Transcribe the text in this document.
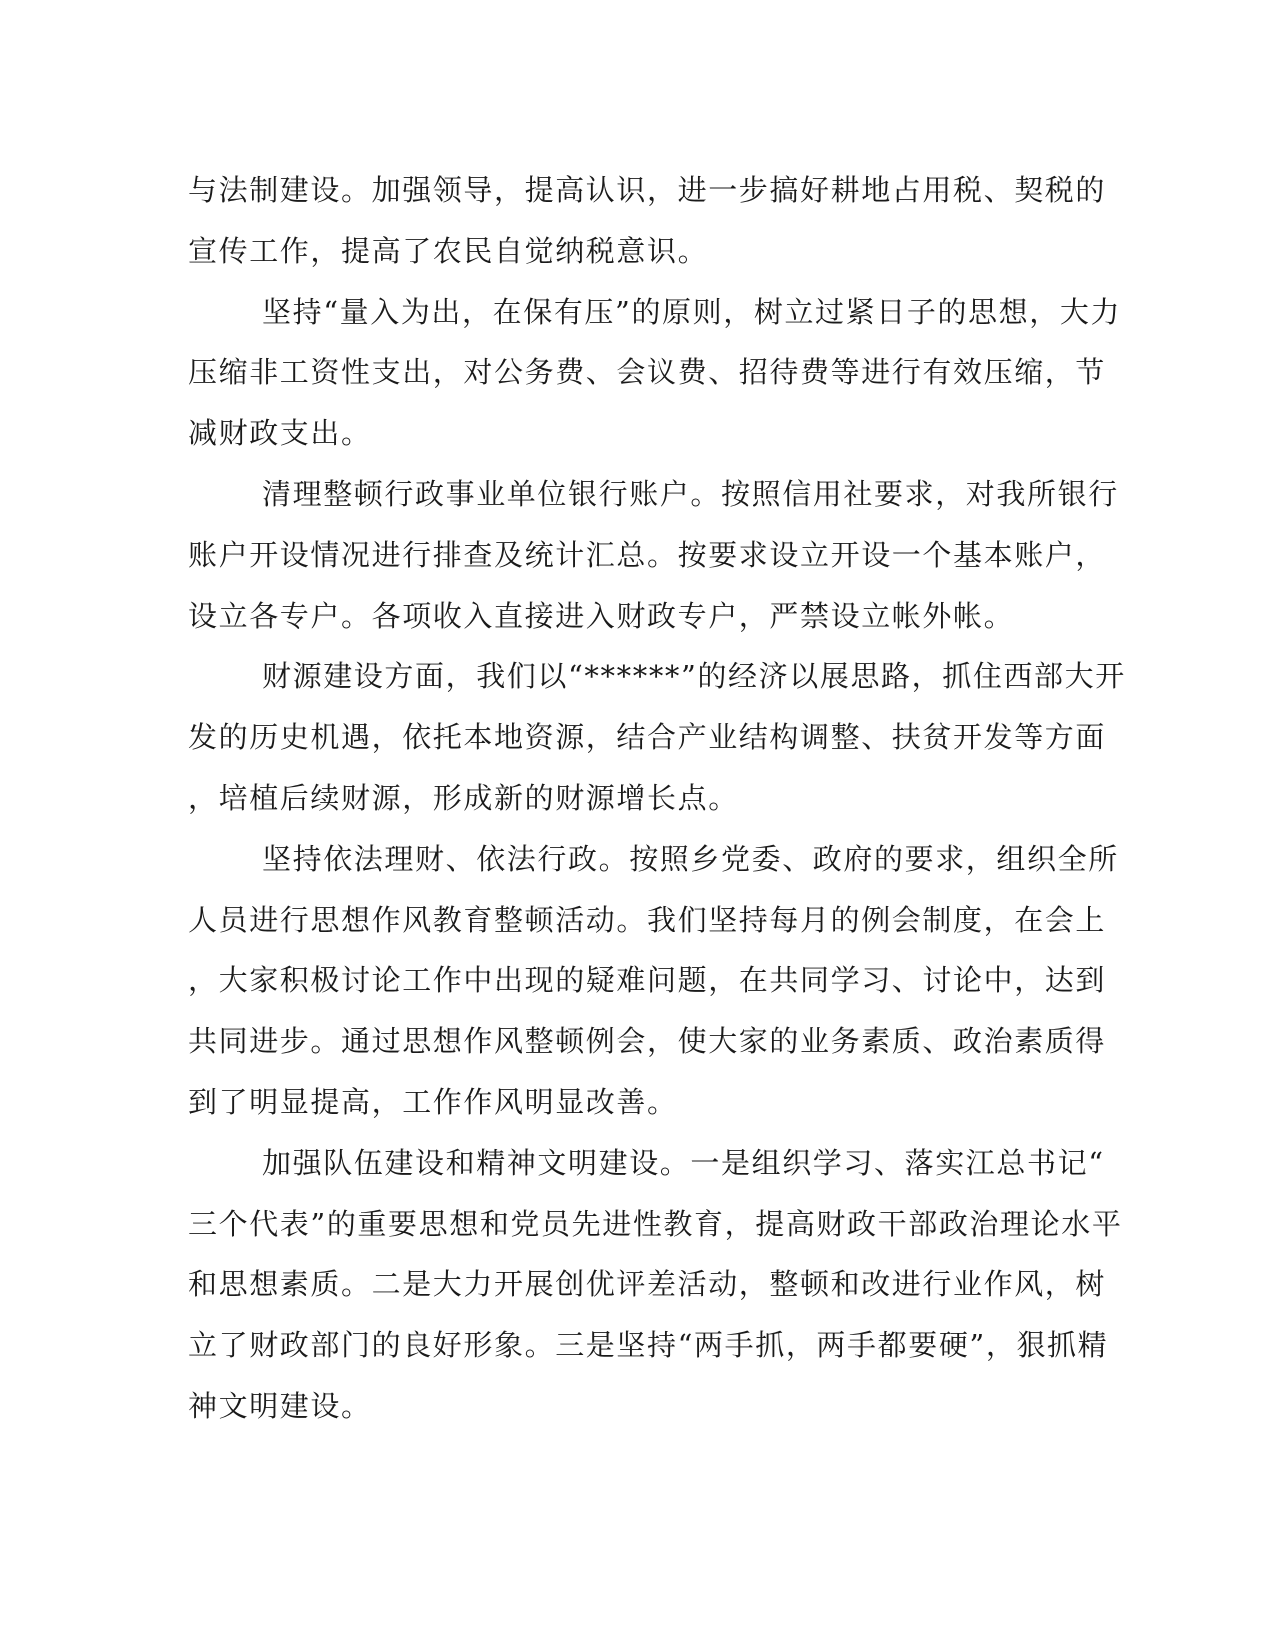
与法制建设。加强领导，提高认识，进一步搞好耕地占用税、契税的
宣传工作，提高了农民自觉纳税意识。

坚持“量入为出，在保有压”的原则，树立过紧日子的思想，大力
压缩非工资性支出，对公务费、会议费、招待费等进行有效压缩，节
减财政支出。

清理整顿行政事业单位银行账户。按照信用社要求，对我所银行
账户开设情况进行排查及统计汇总。按要求设立开设一个基本账户，
设立各专户。各项收入直接进入财政专户，严禁设立帐外帐。

财源建设方面，我们以“******”的经济以展思路，抓住西部大开
发的历史机遇，依托本地资源，结合产业结构调整、扶贫开发等方面
，培植后续财源，形成新的财源增长点。

坚持依法理财、依法行政。按照乡党委、政府的要求，组织全所
人员进行思想作风教育整顿活动。我们坚持每月的例会制度，在会上
，大家积极讨论工作中出现的疑难问题，在共同学习、讨论中，达到
共同进步。通过思想作风整顿例会，使大家的业务素质、政治素质得
到了明显提高，工作作风明显改善。

加强队伍建设和精神文明建设。一是组织学习、落实江总书记“
三个代表”的重要思想和党员先进性教育，提高财政干部政治理论水平
和思想素质。二是大力开展创优评差活动，整顿和改进行业作风，树
立了财政部门的良好形象。三是坚持“两手抓，两手都要硬”，狠抓精
神文明建设。
